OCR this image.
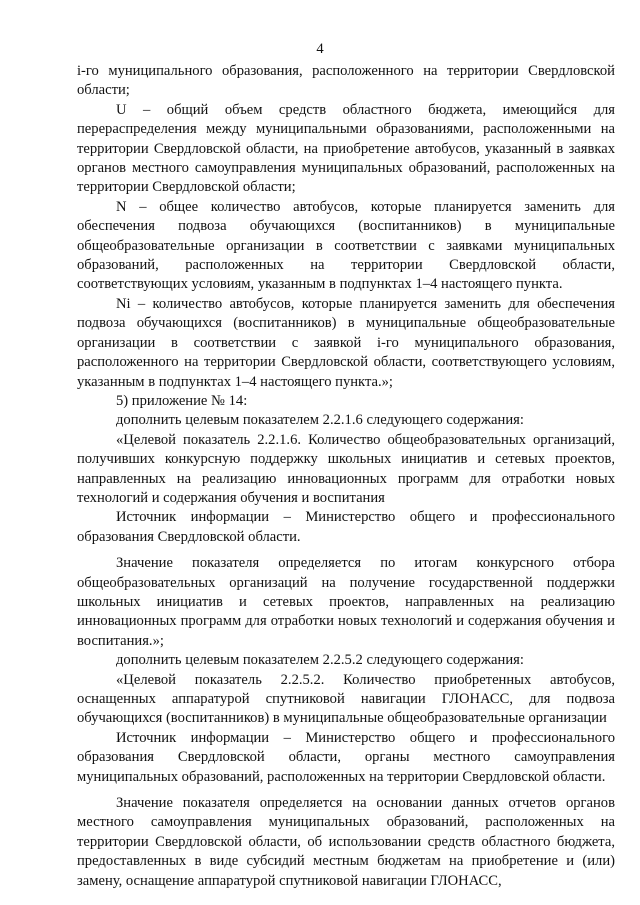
4

i-го муниципального образования, расположенного на территории Свердловской области;

U – общий объем средств областного бюджета, имеющийся для перераспределения между муниципальными образованиями, расположенными на территории Свердловской области, на приобретение автобусов, указанный в заявках органов местного самоуправления муниципальных образований, расположенных на территории Свердловской области;

N – общее количество автобусов, которые планируется заменить для обеспечения подвоза обучающихся (воспитанников) в муниципальные общеобразовательные организации в соответствии с заявками муниципальных образований, расположенных на территории Свердловской области, соответствующих условиям, указанным в подпунктах 1–4 настоящего пункта.

Ni – количество автобусов, которые планируется заменить для обеспечения подвоза обучающихся (воспитанников) в муниципальные общеобразовательные организации в соответствии с заявкой i-го муниципального образования, расположенного на территории Свердловской области, соответствующего условиям, указанным в подпунктах 1–4 настоящего пункта.»;

5) приложение № 14:

дополнить целевым показателем 2.2.1.6 следующего содержания:

«Целевой показатель 2.2.1.6. Количество общеобразовательных организаций, получивших конкурсную поддержку школьных инициатив и сетевых проектов, направленных на реализацию инновационных программ для отработки новых технологий и содержания обучения и воспитания

Источник информации – Министерство общего и профессионального образования Свердловской области.

Значение показателя определяется по итогам конкурсного отбора общеобразовательных организаций на получение государственной поддержки школьных инициатив и сетевых проектов, направленных на реализацию инновационных программ для отработки новых технологий и содержания обучения и воспитания.»;

дополнить целевым показателем 2.2.5.2 следующего содержания:

«Целевой показатель 2.2.5.2. Количество приобретенных автобусов, оснащенных аппаратурой спутниковой навигации ГЛОНАСС, для подвоза обучающихся (воспитанников) в муниципальные общеобразовательные организации

Источник информации – Министерство общего и профессионального образования Свердловской области, органы местного самоуправления муниципальных образований, расположенных на территории Свердловской области.

Значение показателя определяется на основании данных отчетов органов местного самоуправления муниципальных образований, расположенных на территории Свердловской области, об использовании средств областного бюджета, предоставленных в виде субсидий местным бюджетам на приобретение и (или) замену, оснащение аппаратурой спутниковой навигации ГЛОНАСС,
